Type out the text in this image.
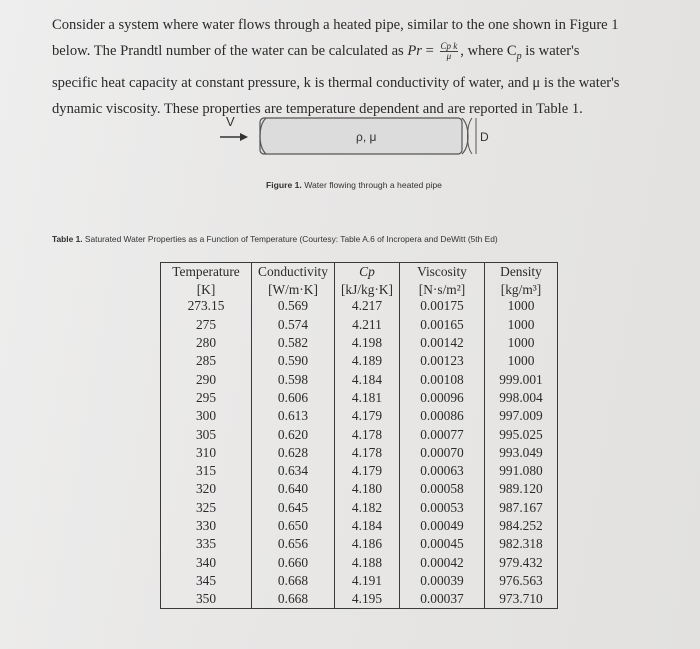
Consider a system where water flows through a heated pipe, similar to the one shown in Figure 1
below. The Prandtl number of the water can be calculated as $Pr = \frac{\text{Cp k}}{\mu}$ , where $C_p$ is water's
specific heat capacity at constant pressure, k is thermal conductivity of water, and μ is the water's
dynamic viscosity. These properties are temperature dependent and are reported in Table 1.
V
ρ, μ	D
Figure 1. Water flowing through a heated pipe
Table 1. Saturated Water Properties as a Function of Temperature (Courtesy: Table A.6 of Incropera and DeWitt (5th Ed)
Temperature	Conductivity	Cp	Viscosity	Density
[K]	[W/m·K]	[kJ/kg·K]	[N·s/m²]	[kg/m³]
273.15	0.569	4.217	0.00175	1000
275	0.574	4.211	0.00165	1000
280	0.582	4.198	0.00142	1000
285	0.590	4.189	0.00123	1000
290	0.598	4.184	0.00108	999.001
295	0.606	4.181	0.00096	998.004
300	0.613	4.179	0.00086	997.009
305	0.620	4.178	0.00077	995.025
310	0.628	4.178	0.00070	993.049
315	0.634	4.179	0.00063	991.080
320	0.640	4.180	0.00058	989.120
325	0.645	4.182	0.00053	987.167
330	0.650	4.184	0.00049	984.252
335	0.656	4.186	0.00045	982.318
340	0.660	4.188	0.00042	979.432
345	0.668	4.191	0.00039	976.563
350	0.668	4.195	0.00037	973.710
